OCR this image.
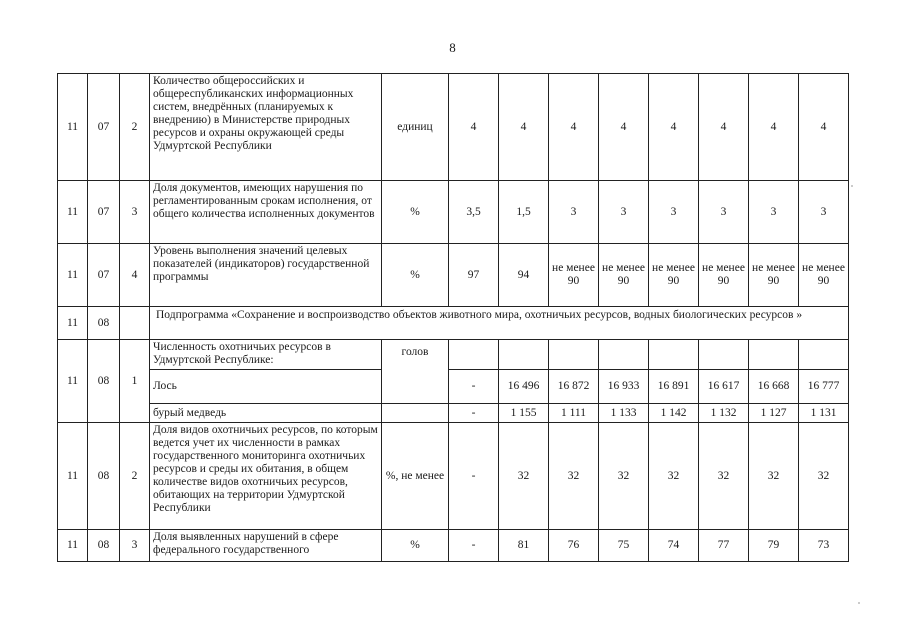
8
11	07	2	Количество общероссийских и общереспубликанских информационных систем, внедрённых (планируемых к внедрению) в Министерстве природных ресурсов и охраны окружающей среды Удмуртской Республики	единиц	4	4	4	4	4	4	4	4
11	07	3	Доля документов, имеющих нарушения по регламентированным срокам исполнения, от общего количества исполненных документов	%	3,5	1,5	3	3	3	3	3	3
11	07	4	Уровень выполнения значений целевых показателей (индикаторов) государственной программы	%	97	94	не менее 90	не менее 90	не менее 90	не менее 90	не менее 90	не менее 90
11	08		Подпрограмма «Сохранение и воспроизводство объектов животного мира, охотничьих ресурсов, водных биологических ресурсов »									
11	08	1	Численность охотничьих ресурсов в Удмуртской Республике:	голов								
			Лось		-	16 496	16 872	16 933	16 891	16 617	16 668	16 777
			бурый медведь		-	1 155	1 111	1 133	1 142	1 132	1 127	1 131
11	08	2	Доля видов охотничьих ресурсов, по которым ведется учет их численности в рамках государственного мониторинга охотничьих ресурсов и среды их обитания, в общем количестве видов охотничьих ресурсов, обитающих на территории Удмуртской Республики	%, не менее	-	32	32	32	32	32	32	32
11	08	3	Доля выявленных нарушений в сфере федерального государственного	%	-	81	76	75	74	77	79	73
